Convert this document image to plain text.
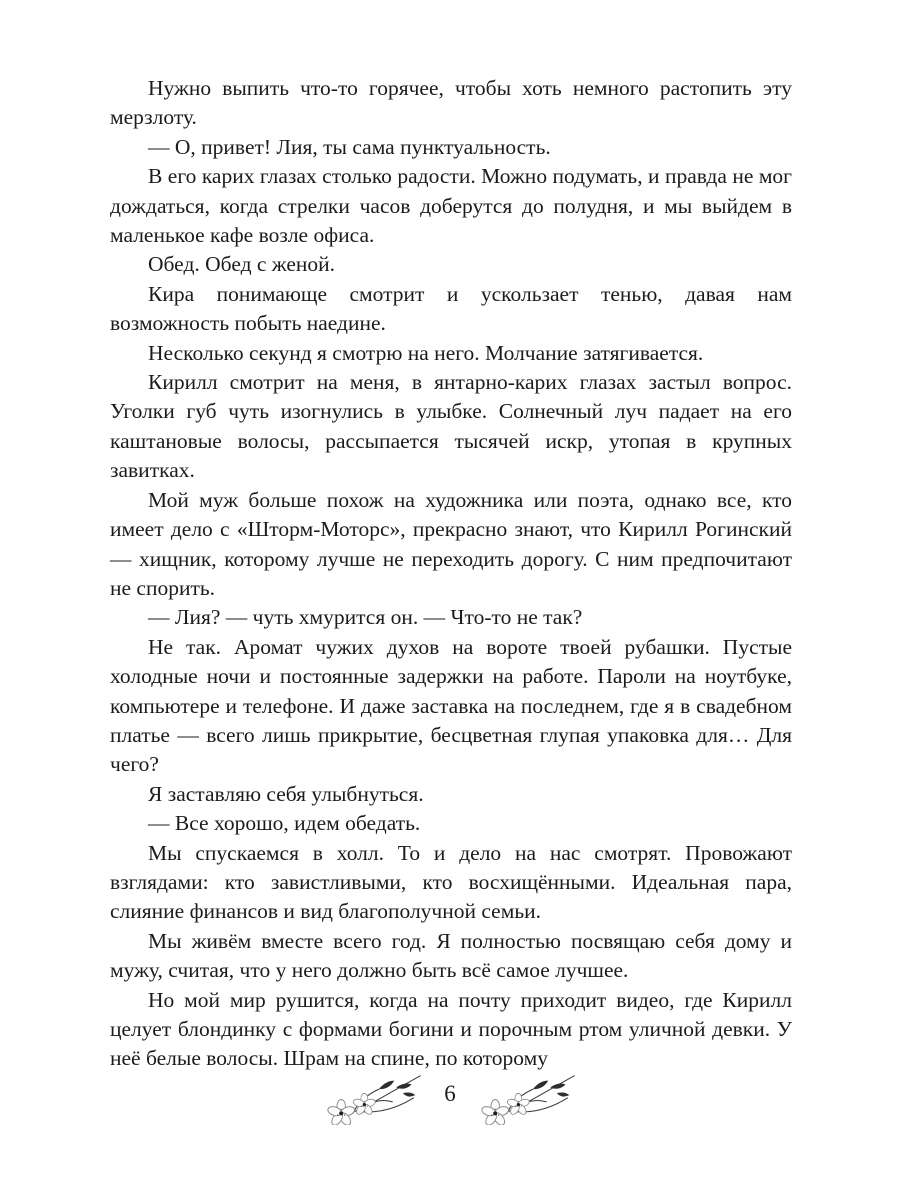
Нужно выпить что-то горячее, чтобы хоть немного растопить эту мерзлоту.

— О, привет! Лия, ты сама пунктуальность.

В его карих глазах столько радости. Можно подумать, и правда не мог дождаться, когда стрелки часов доберутся до полудня, и мы выйдем в маленькое кафе возле офиса.

Обед. Обед с женой.

Кира понимающе смотрит и ускользает тенью, давая нам возможность побыть наедине.

Несколько секунд я смотрю на него. Молчание затягивается.

Кирилл смотрит на меня, в янтарно-карих глазах застыл вопрос. Уголки губ чуть изогнулись в улыбке. Солнечный луч падает на его каштановые волосы, рассыпается тысячей искр, утопая в крупных завитках.

Мой муж больше похож на художника или поэта, однако все, кто имеет дело с «Шторм-Моторс», прекрасно знают, что Кирилл Рогинский — хищник, которому лучше не переходить дорогу. С ним предпочитают не спорить.

— Лия? — чуть хмурится он. — Что-то не так?

Не так. Аромат чужих духов на вороте твоей рубашки. Пустые холодные ночи и постоянные задержки на работе. Пароли на ноутбуке, компьютере и телефоне. И даже заставка на последнем, где я в свадебном платье — всего лишь прикрытие, бесцветная глупая упаковка для… Для чего?

Я заставляю себя улыбнуться.

— Все хорошо, идем обедать.

Мы спускаемся в холл. То и дело на нас смотрят. Провожают взглядами: кто завистливыми, кто восхищёнными. Идеальная пара, слияние финансов и вид благополучной семьи.

Мы живём вместе всего год. Я полностью посвящаю себя дому и мужу, считая, что у него должно быть всё самое лучшее.

Но мой мир рушится, когда на почту приходит видео, где Кирилл целует блондинку с формами богини и порочным ртом уличной девки. У неё белые волосы. Шрам на спине, по которому

6
